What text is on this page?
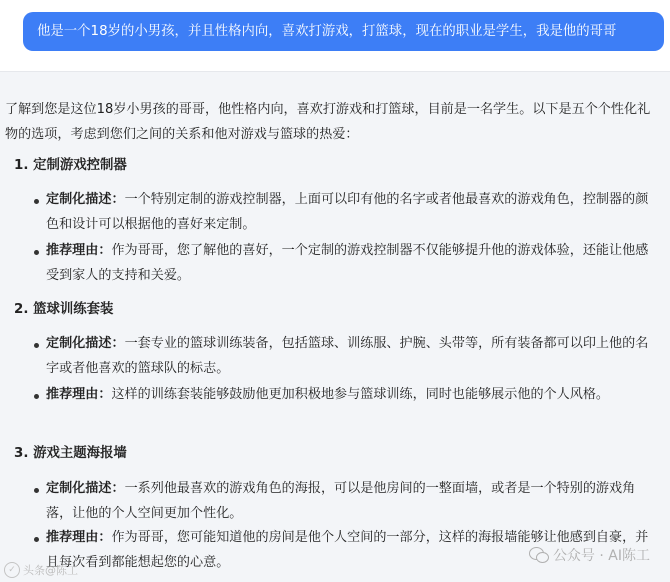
他是一个18岁的小男孩，并且性格内向，喜欢打游戏，打篮球，现在的职业是学生，我是他的哥哥

了解到您是这位18岁小男孩的哥哥，他性格内向，喜欢打游戏和打篮球，目前是一名学生。以下是五个个性化礼物的选项，考虑到您们之间的关系和他对游戏与篮球的热爱：

1. 定制游戏控制器

定制化描述：一个特别定制的游戏控制器，上面可以印有他的名字或者他最喜欢的游戏角色，控制器的颜色和设计可以根据他的喜好来定制。

推荐理由：作为哥哥，您了解他的喜好，一个定制的游戏控制器不仅能够提升他的游戏体验，还能让他感受到家人的支持和关爱。

2. 篮球训练套装

定制化描述：一套专业的篮球训练装备，包括篮球、训练服、护腕、头带等，所有装备都可以印上他的名字或者他喜欢的篮球队的标志。

推荐理由：这样的训练套装能够鼓励他更加积极地参与篮球训练，同时也能够展示他的个人风格。

3. 游戏主题海报墙

定制化描述：一系列他最喜欢的游戏角色的海报，可以是他房间的一整面墙，或者是一个特别的游戏角落，让他的个人空间更加个性化。

推荐理由：作为哥哥，您可能知道他的房间是他个人空间的一部分，这样的海报墙能够让他感到自豪，并且每次看到都能想起您的心意。	公众号 · AI陈工
✓ 头条@陈工
